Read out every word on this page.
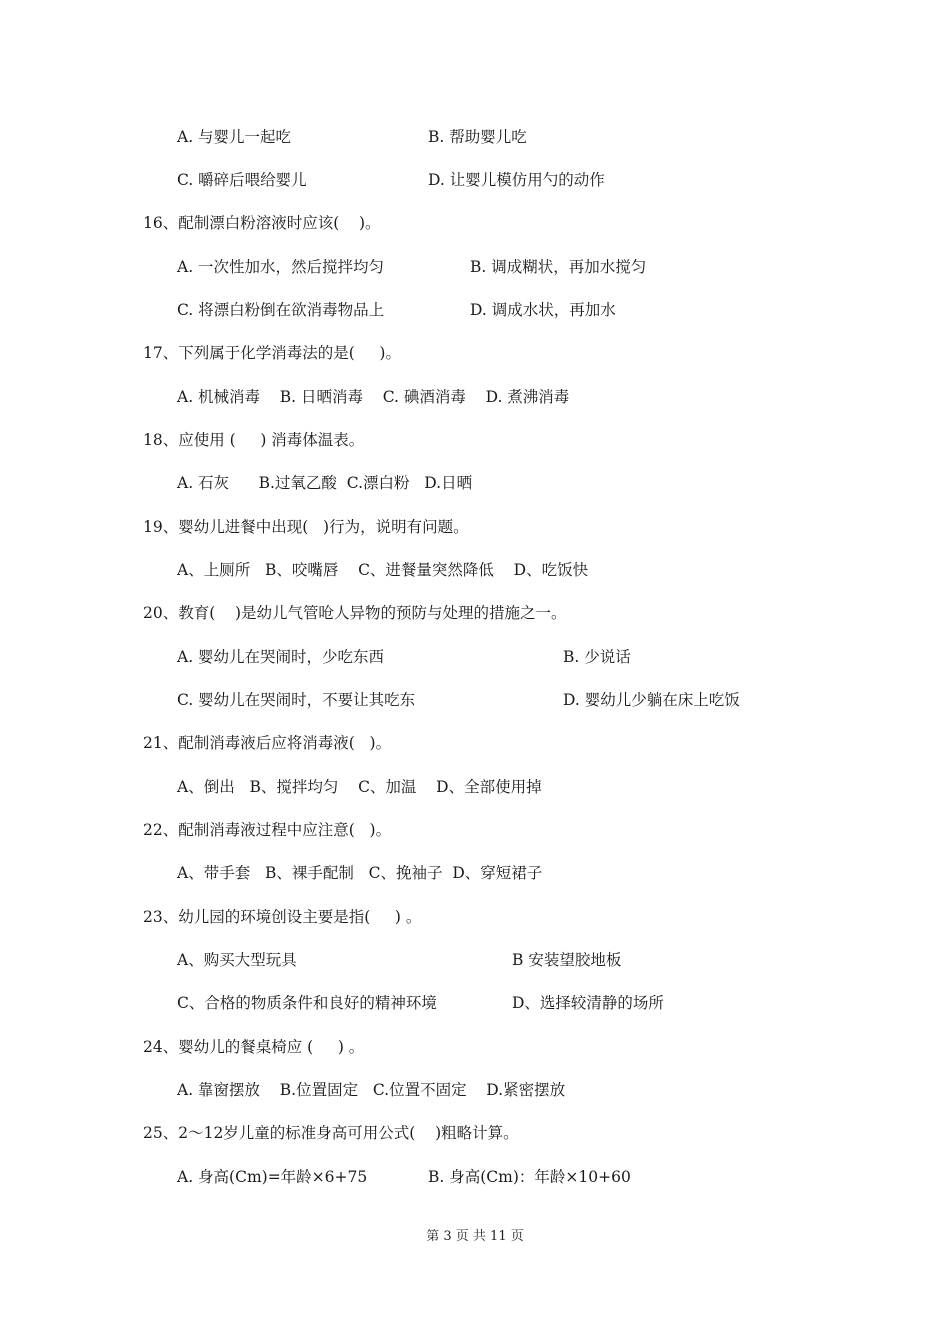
A. 与婴儿一起吃	B. 帮助婴儿吃
C. 嚼碎后喂给婴儿	D. 让婴儿模仿用勺的动作
16、配制漂白粉溶液时应该(    )。
A. 一次性加水，然后搅拌均匀	B. 调成糊状，再加水搅匀
C. 将漂白粉倒在欲消毒物品上	D. 调成水状，再加水
17、下列属于化学消毒法的是(     )。
A. 机械消毒    B. 日晒消毒    C. 碘酒消毒    D. 煮沸消毒
18、应使用 (     ) 消毒体温表。
A. 石灰      B.过氧乙酸  C.漂白粉   D.日晒
19、婴幼儿进餐中出现(   )行为，说明有问题。
A、上厕所   B、咬嘴唇    C、进餐量突然降低    D、吃饭快
20、教育(    )是幼儿气管呛人异物的预防与处理的措施之一。
A. 婴幼儿在哭闹时，少吃东西	B. 少说话
C. 婴幼儿在哭闹时，不要让其吃东	D. 婴幼儿少躺在床上吃饭
21、配制消毒液后应将消毒液(   )。
A、倒出   B、搅拌均匀    C、加温    D、全部使用掉
22、配制消毒液过程中应注意(   )。
A、带手套   B、裸手配制   C、挽袖子  D、穿短裙子
23、幼儿园的环境创设主要是指(     ) 。
A、购买大型玩具	B 安装望胶地板
C、合格的物质条件和良好的精神环境	D、选择较清静的场所
24、婴幼儿的餐桌椅应 (     ) 。
A. 靠窗摆放    B.位置固定   C.位置不固定    D.紧密摆放
25、2～12岁儿童的标准身高可用公式(    )粗略计算。
A. 身高(Cm)=年龄×6+75	B. 身高(Cm)：年龄×10+60
第 3 页 共 11 页
